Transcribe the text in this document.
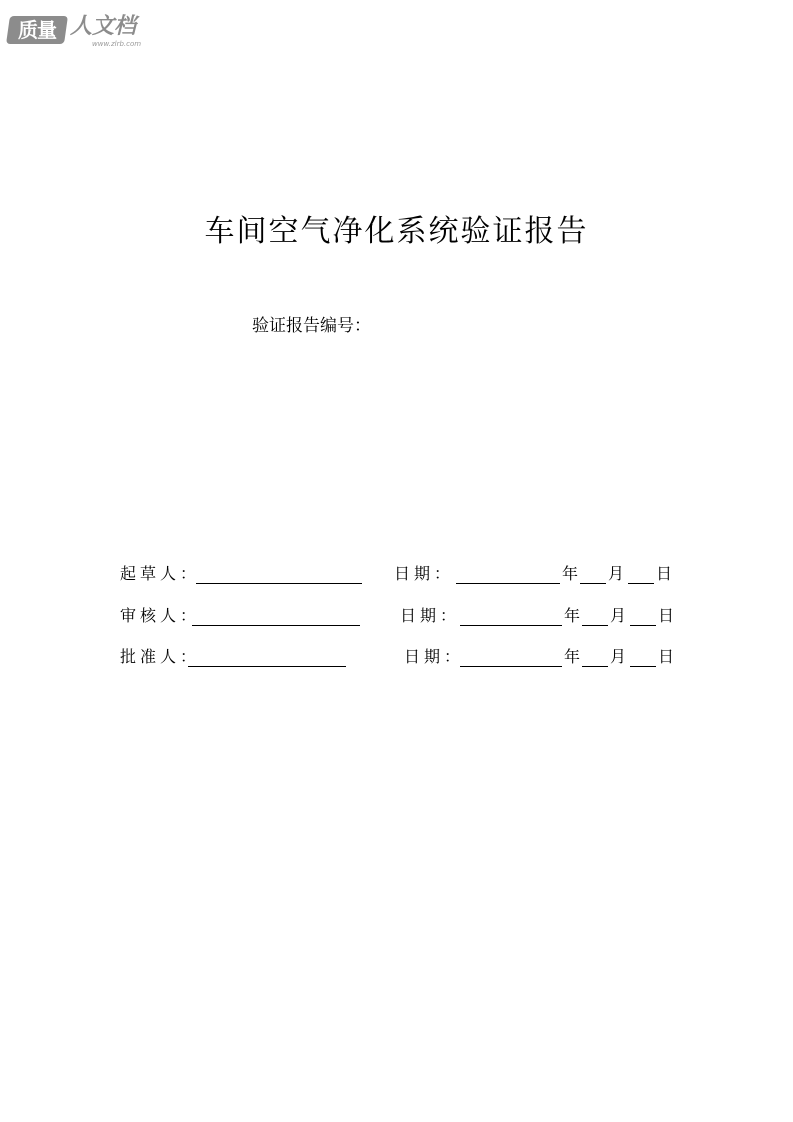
质量 人文档
www.zlrb.com
车间空气净化系统验证报告
验证报告编号：
起草人：	日期：	年 月 日
审核人：	日期：	年 月 日
批准人：	日期：	年 月 日
